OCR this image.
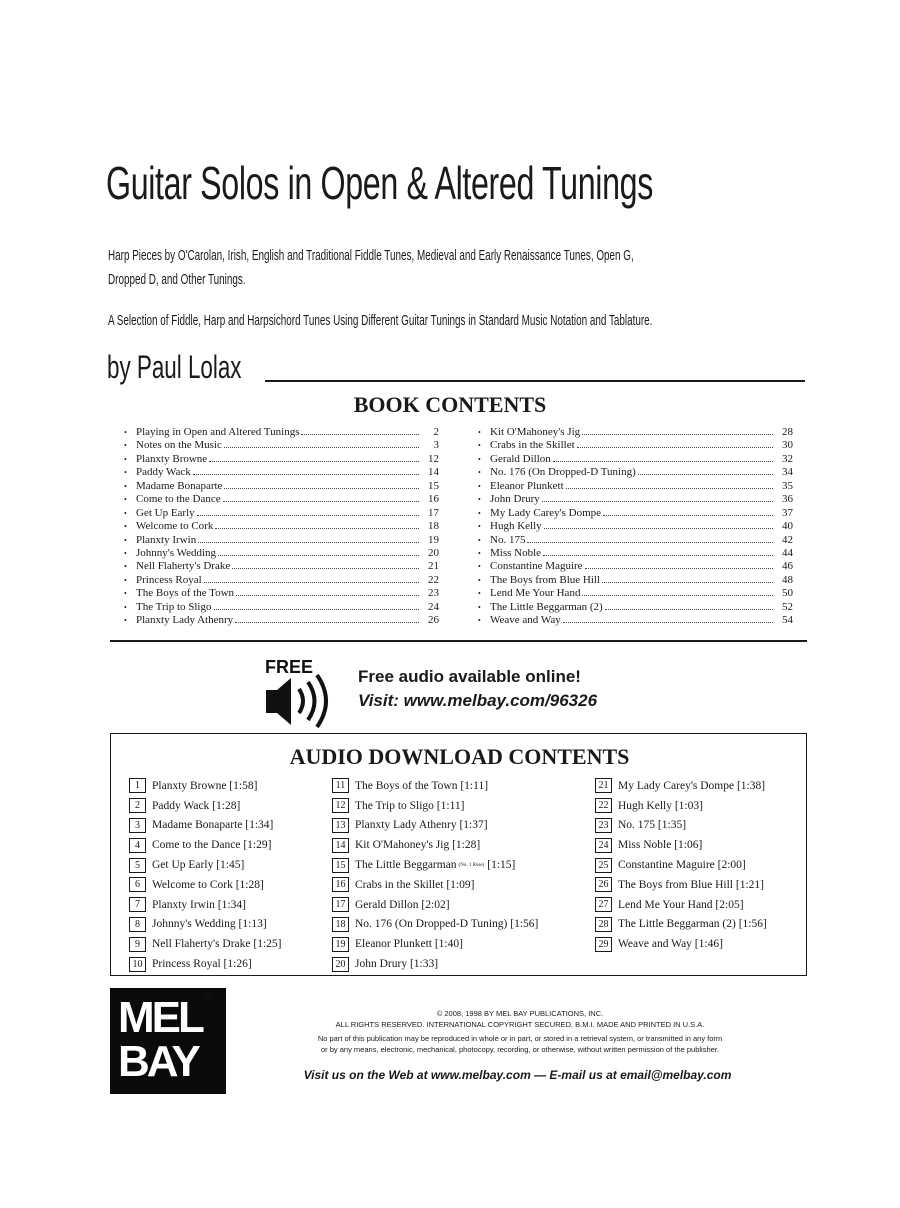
Guitar Solos in Open & Altered Tunings
Harp Pieces by O'Carolan, Irish, English and Traditional Fiddle Tunes, Medieval and Early Renaissance Tunes, Open G,
Dropped D, and Other Tunings.
A Selection of Fiddle, Harp and Harpsichord Tunes Using Different Guitar Tunings in Standard Music Notation and Tablature.
by Paul Lolax
BOOK CONTENTS
• Playing in Open and Altered Tunings	2
• Notes on the Music	3
• Planxty Browne	12
• Paddy Wack	14
• Madame Bonaparte	15
• Come to the Dance	16
• Get Up Early	17
• Welcome to Cork	18
• Planxty Irwin	19
• Johnny's Wedding	20
• Nell Flaherty's Drake	21
• Princess Royal	22
• The Boys of the Town	23
• The Trip to Sligo	24
• Planxty Lady Athenry	26
• Kit O'Mahoney's Jig	28
• Crabs in the Skillet	30
• Gerald Dillon	32
• No. 176 (On Dropped-D Tuning)	34
• Eleanor Plunkett	35
• John Drury	36
• My Lady Carey's Dompe	37
• Hugh Kelly	40
• No. 175	42
• Miss Noble	44
• Constantine Maguire	46
• The Boys from Blue Hill	48
• Lend Me Your Hand	50
• The Little Beggarman (2)	52
• Weave and Way	54
FREE	Free audio available online!
Visit: www.melbay.com/96326
AUDIO DOWNLOAD CONTENTS
1	Planxty Browne [1:58]
2	Paddy Wack [1:28]
3	Madame Bonaparte [1:34]
4	Come to the Dance [1:29]
5	Get Up Early [1:45]
6	Welcome to Cork [1:28]
7	Planxty Irwin [1:34]
8	Johnny's Wedding [1:13]
9	Nell Flaherty's Drake [1:25]
10 Princess Royal [1:26]
11 The Boys of the Town [1:11]
12 The Trip to Sligo [1:11]
13 Planxty Lady Athenry [1:37]
14 Kit O'Mahoney's Jig [1:28]
15 The Little Beggarman (No. 1 Rose) [1:15]
16 Crabs in the Skillet [1:09]
17 Gerald Dillon [2:02]
18 No. 176 (On Dropped-D Tuning) [1:56]
19 Eleanor Plunkett [1:40]
20 John Drury [1:33]
21 My Lady Carey's Dompe [1:38]
22 Hugh Kelly [1:03]
23 No. 175 [1:35]
24 Miss Noble [1:06]
25 Constantine Maguire [2:00]
26 The Boys from Blue Hill [1:21]
27 Lend Me Your Hand [2:05]
28 The Little Beggarman (2) [1:56]
29 Weave and Way [1:46]
MEL
BAY
®
© 2008, 1998 BY MEL BAY PUBLICATIONS, INC.
ALL RIGHTS RESERVED. INTERNATIONAL COPYRIGHT SECURED. B.M.I. MADE AND PRINTED IN U.S.A.
No part of this publication may be reproduced in whole or in part, or stored in a retrieval system, or transmitted in any form
or by any means, electronic, mechanical, photocopy, recording, or otherwise, without written permission of the publisher.
Visit us on the Web at www.melbay.com — E-mail us at email@melbay.com
